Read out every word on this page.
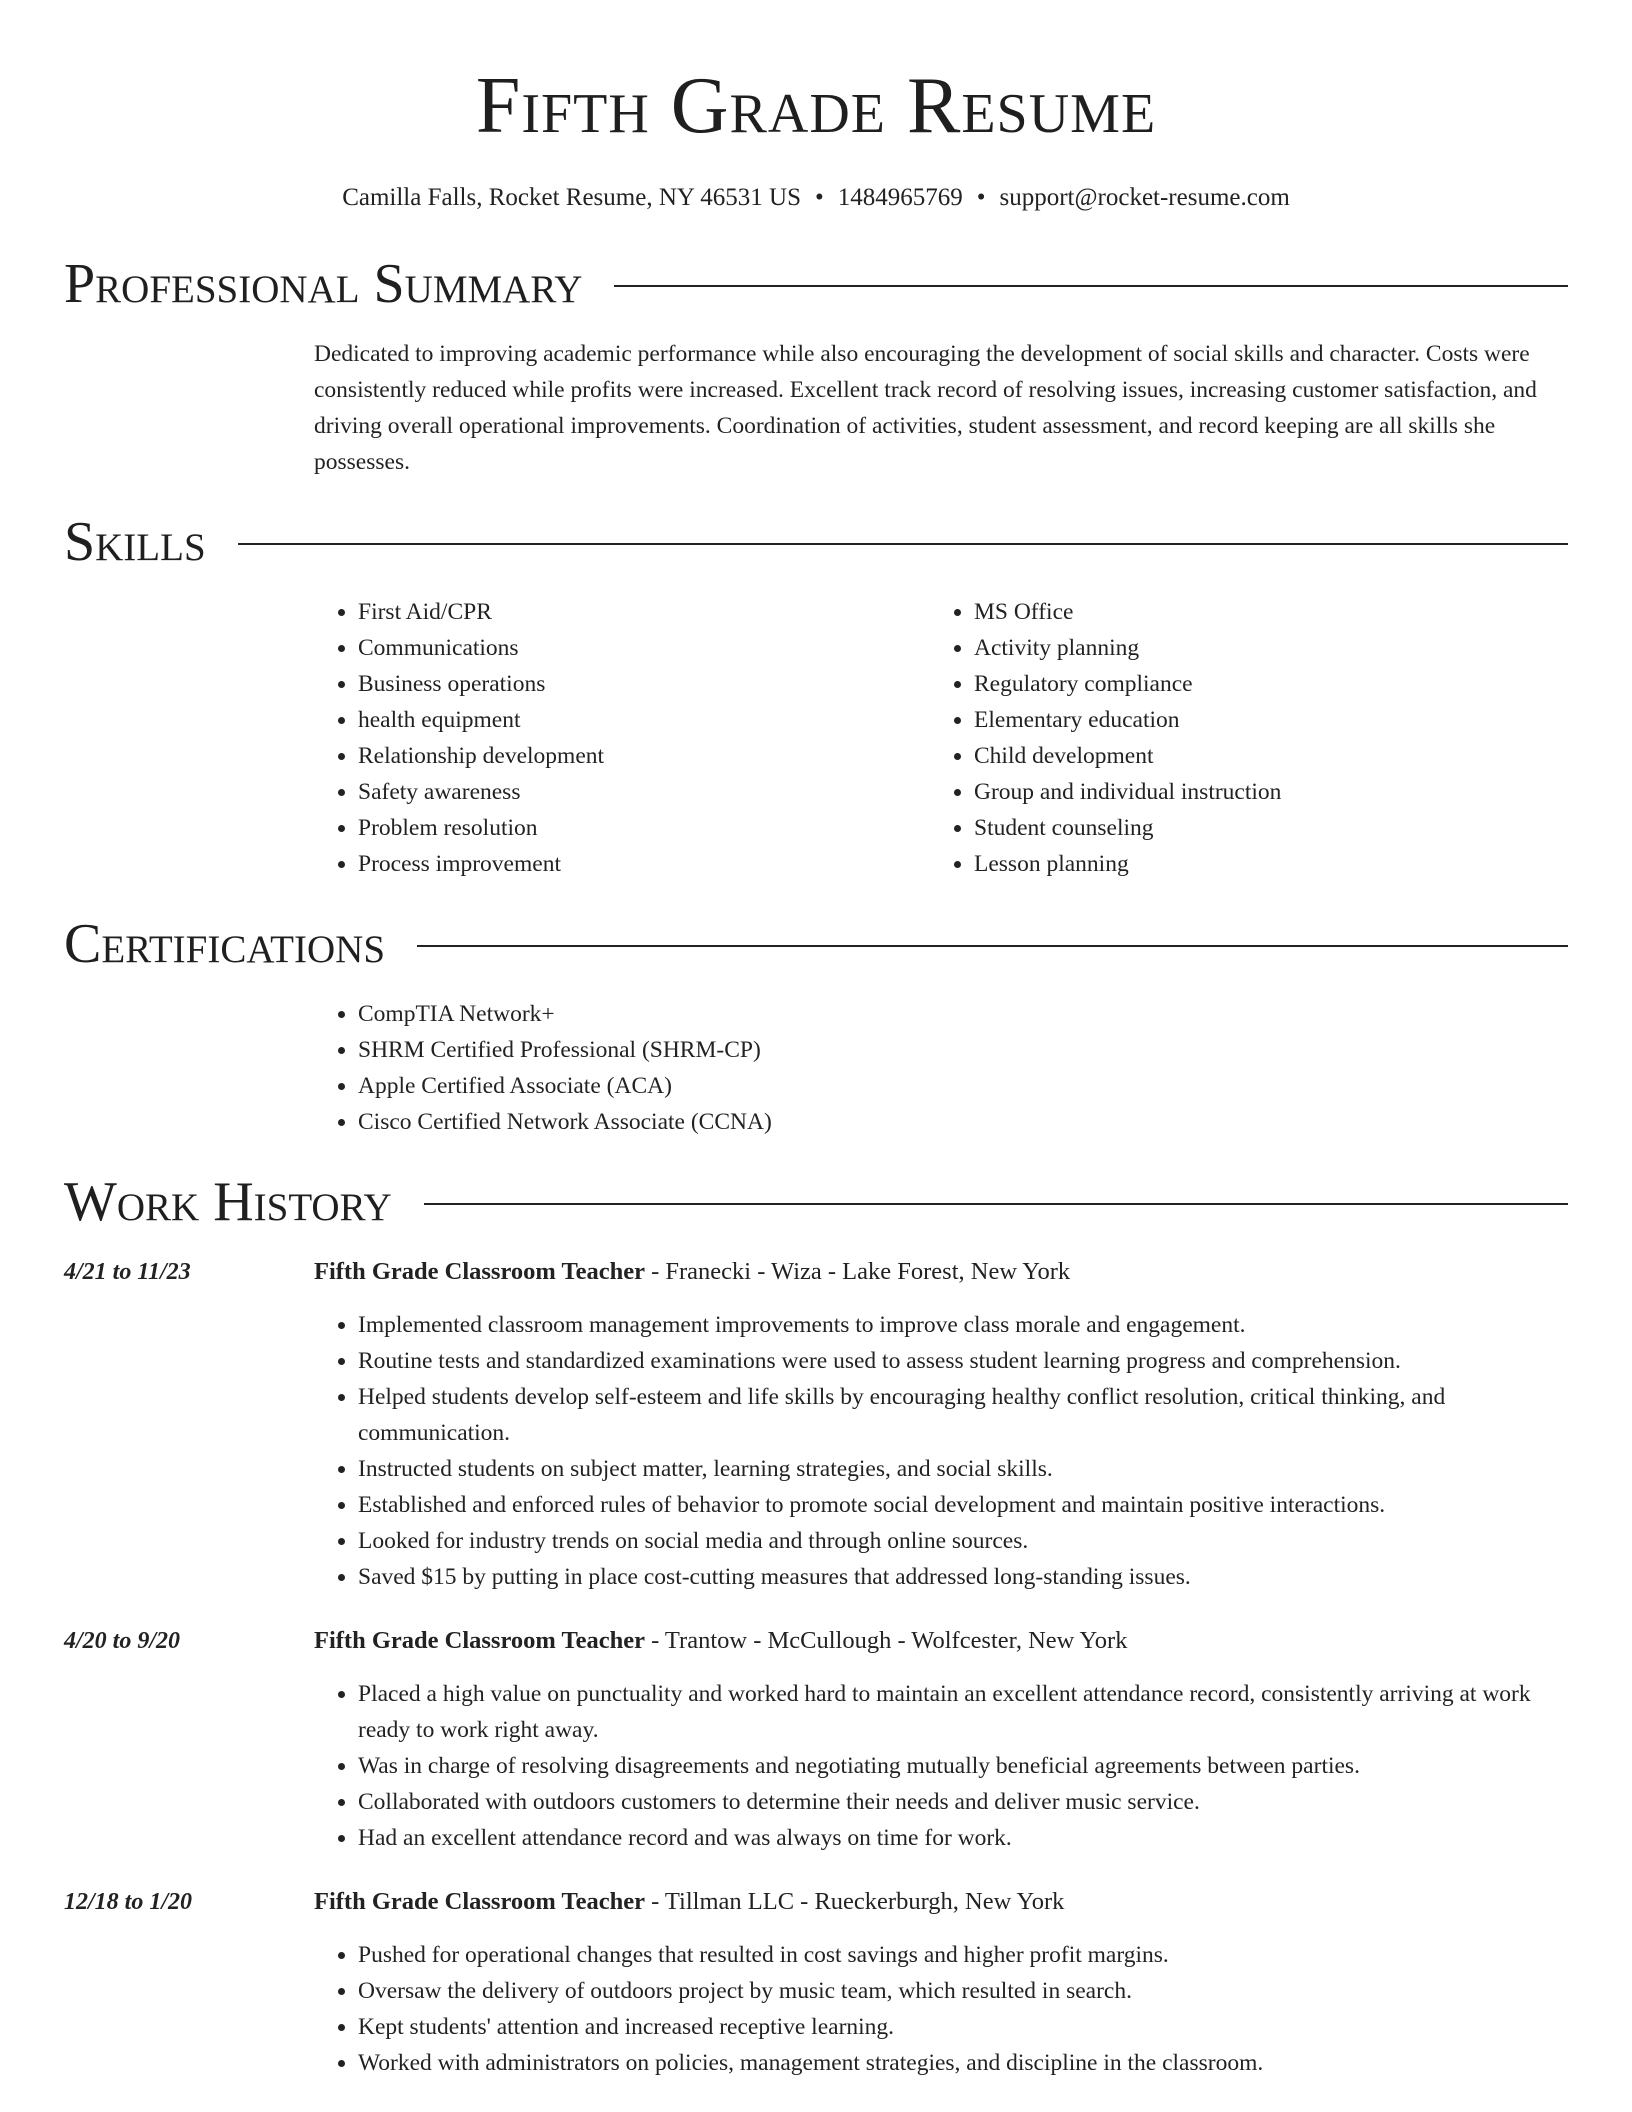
Fifth Grade Resume
Camilla Falls, Rocket Resume, NY 46531 US • 1484965769 • support@rocket-resume.com
Professional Summary
Dedicated to improving academic performance while also encouraging the development of social skills and character. Costs were consistently reduced while profits were increased. Excellent track record of resolving issues, increasing customer satisfaction, and driving overall operational improvements. Coordination of activities, student assessment, and record keeping are all skills she possesses.
Skills
• First Aid/CPR
• Communications
• Business operations
• health equipment
• Relationship development
• Safety awareness
• Problem resolution
• Process improvement
• MS Office
• Activity planning
• Regulatory compliance
• Elementary education
• Child development
• Group and individual instruction
• Student counseling
• Lesson planning
Certifications
• CompTIA Network+
• SHRM Certified Professional (SHRM-CP)
• Apple Certified Associate (ACA)
• Cisco Certified Network Associate (CCNA)
Work History
4/21 to 11/23	Fifth Grade Classroom Teacher - Franecki - Wiza - Lake Forest, New York
• Implemented classroom management improvements to improve class morale and engagement.
• Routine tests and standardized examinations were used to assess student learning progress and comprehension.
• Helped students develop self-esteem and life skills by encouraging healthy conflict resolution, critical thinking, and communication.
• Instructed students on subject matter, learning strategies, and social skills.
• Established and enforced rules of behavior to promote social development and maintain positive interactions.
• Looked for industry trends on social media and through online sources.
• Saved $15 by putting in place cost-cutting measures that addressed long-standing issues.
4/20 to 9/20	Fifth Grade Classroom Teacher - Trantow - McCullough - Wolfcester, New York
• Placed a high value on punctuality and worked hard to maintain an excellent attendance record, consistently arriving at work ready to work right away.
• Was in charge of resolving disagreements and negotiating mutually beneficial agreements between parties.
• Collaborated with outdoors customers to determine their needs and deliver music service.
• Had an excellent attendance record and was always on time for work.
12/18 to 1/20	Fifth Grade Classroom Teacher - Tillman LLC - Rueckerburgh, New York
• Pushed for operational changes that resulted in cost savings and higher profit margins.
• Oversaw the delivery of outdoors project by music team, which resulted in search.
• Kept students' attention and increased receptive learning.
• Worked with administrators on policies, management strategies, and discipline in the classroom.
